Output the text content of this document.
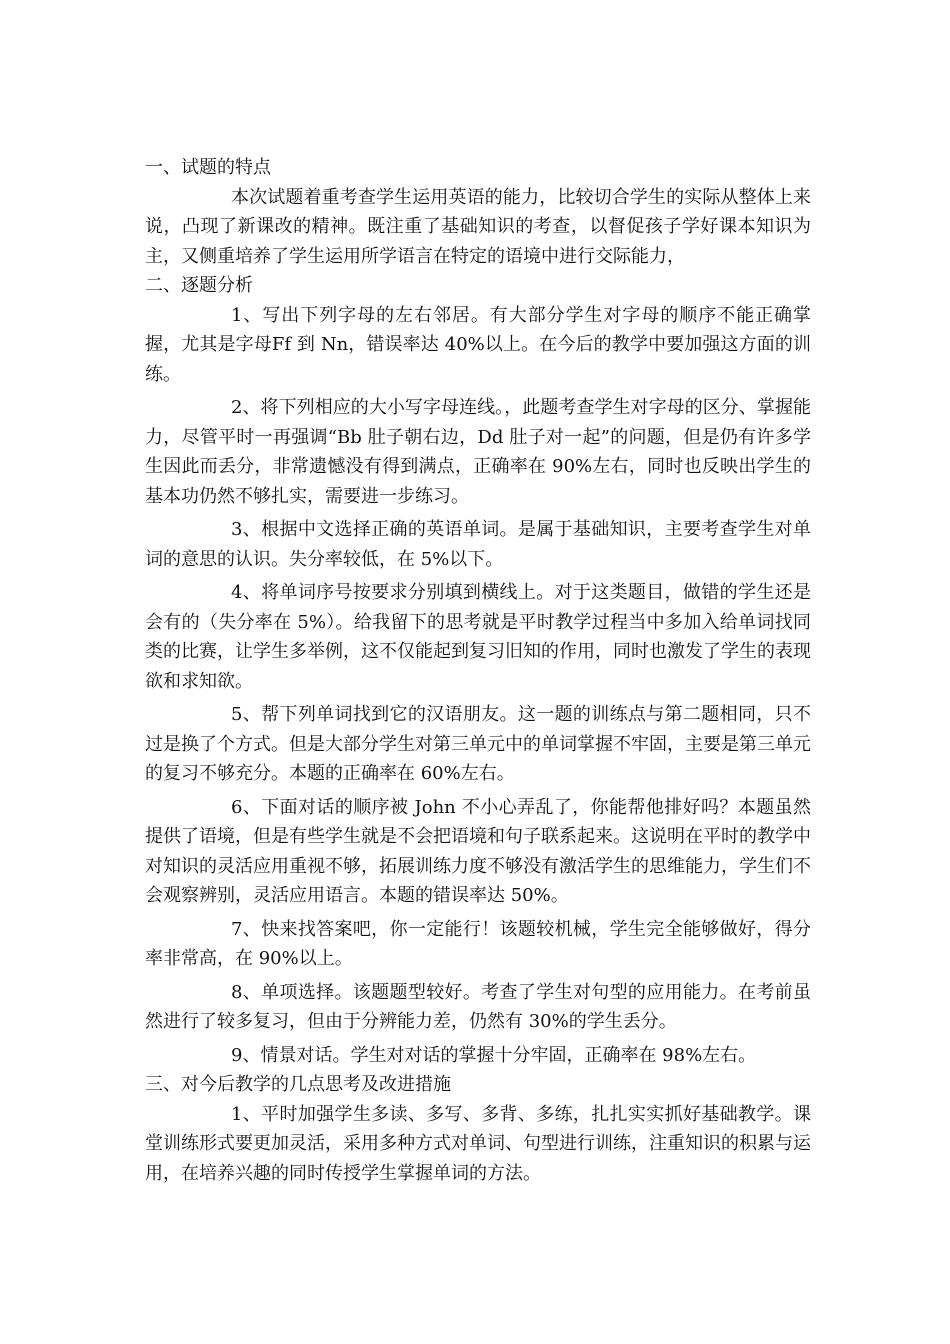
一、试题的特点

本次试题着重考查学生运用英语的能力，比较切合学生的实际从整体上来说，凸现了新课改的精神。既注重了基础知识的考查，以督促孩子学好课本知识为主，又侧重培养了学生运用所学语言在特定的语境中进行交际能力，

二、逐题分析

1、写出下列字母的左右邻居。有大部分学生对字母的顺序不能正确掌握，尤其是字母Ff 到 Nn，错误率达 40%以上。在今后的教学中要加强这方面的训练。

2、将下列相应的大小写字母连线。，此题考查学生对字母的区分、掌握能力，尽管平时一再强调“Bb 肚子朝右边，Dd 肚子对一起”的问题，但是仍有许多学生因此而丢分，非常遗憾没有得到满点，正确率在 90%左右，同时也反映出学生的基本功仍然不够扎实，需要进一步练习。

3、根据中文选择正确的英语单词。是属于基础知识，主要考查学生对单词的意思的认识。失分率较低，在 5%以下。

4、将单词序号按要求分别填到横线上。对于这类题目，做错的学生还是会有的（失分率在 5%）。给我留下的思考就是平时教学过程当中多加入给单词找同类的比赛，让学生多举例，这不仅能起到复习旧知的作用，同时也激发了学生的表现欲和求知欲。

5、帮下列单词找到它的汉语朋友。这一题的训练点与第二题相同，只不过是换了个方式。但是大部分学生对第三单元中的单词掌握不牢固，主要是第三单元的复习不够充分。本题的正确率在 60%左右。

6、下面对话的顺序被 John 不小心弄乱了，你能帮他排好吗？本题虽然提供了语境，但是有些学生就是不会把语境和句子联系起来。这说明在平时的教学中对知识的灵活应用重视不够，拓展训练力度不够没有激活学生的思维能力，学生们不会观察辨别，灵活应用语言。本题的错误率达 50%。

7、快来找答案吧，你一定能行！该题较机械，学生完全能够做好，得分率非常高，在 90%以上。

8、单项选择。该题题型较好。考查了学生对句型的应用能力。在考前虽然进行了较多复习，但由于分辨能力差，仍然有 30%的学生丢分。

9、情景对话。学生对对话的掌握十分牢固，正确率在 98%左右。

三、对今后教学的几点思考及改进措施

1、平时加强学生多读、多写、多背、多练，扎扎实实抓好基础教学。课堂训练形式要更加灵活，采用多种方式对单词、句型进行训练，注重知识的积累与运用，在培养兴趣的同时传授学生掌握单词的方法。
